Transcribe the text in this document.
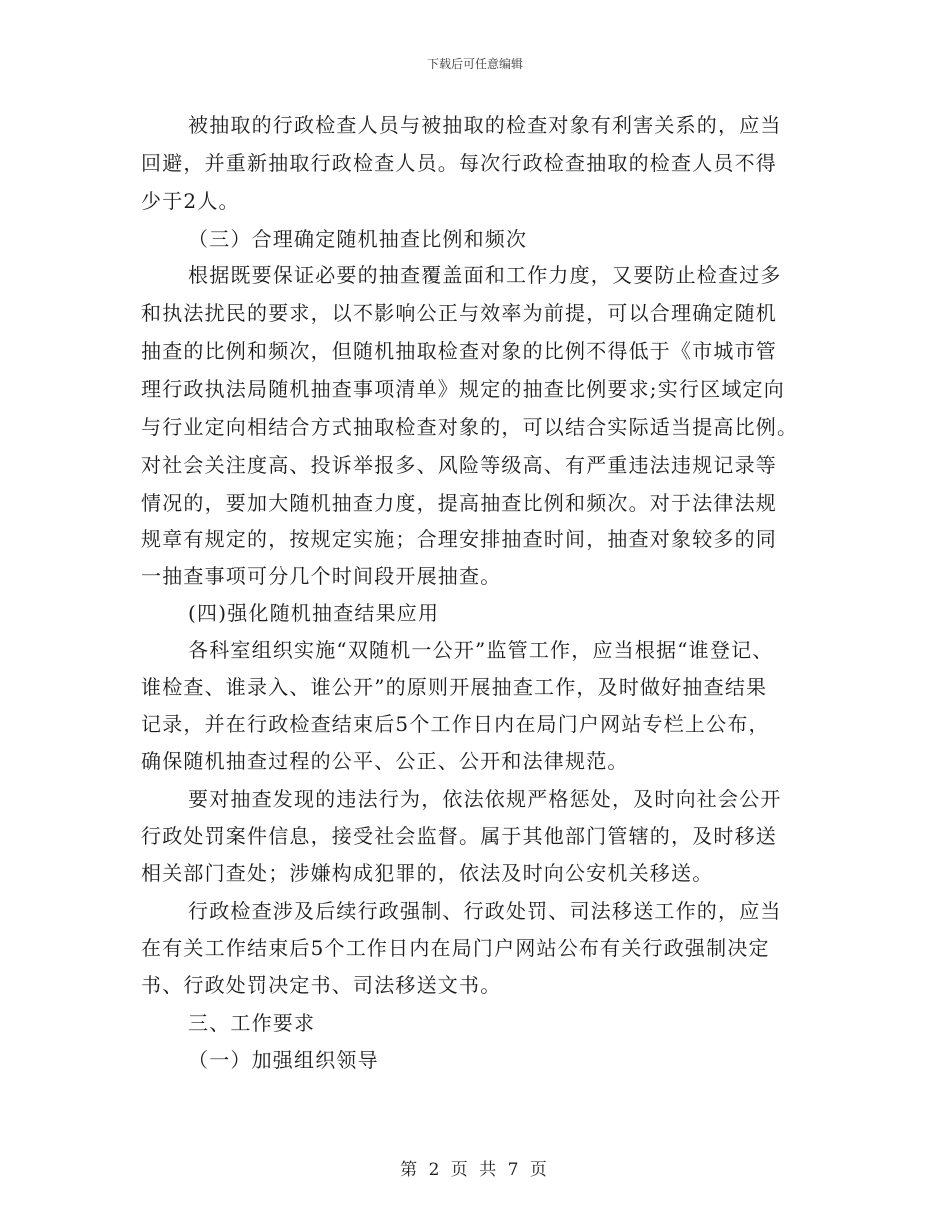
下载后可任意编辑
被抽取的行政检查人员与被抽取的检查对象有利害关系的，应当
回避，并重新抽取行政检查人员。每次行政检查抽取的检查人员不得
少于2人。
（三）合理确定随机抽查比例和频次
根据既要保证必要的抽查覆盖面和工作力度，又要防止检查过多
和执法扰民的要求，以不影响公正与效率为前提，可以合理确定随机
抽查的比例和频次，但随机抽取检查对象的比例不得低于《市城市管
理行政执法局随机抽查事项清单》规定的抽查比例要求;实行区域定向
与行业定向相结合方式抽取检查对象的，可以结合实际适当提高比例。
对社会关注度高、投诉举报多、风险等级高、有严重违法违规记录等
情况的，要加大随机抽查力度，提高抽查比例和频次。对于法律法规
规章有规定的，按规定实施；合理安排抽查时间，抽查对象较多的同
一抽查事项可分几个时间段开展抽查。
(四)强化随机抽查结果应用
各科室组织实施“双随机一公开”监管工作，应当根据“谁登记、
谁检查、谁录入、谁公开”的原则开展抽查工作，及时做好抽查结果
记录，并在行政检查结束后5个工作日内在局门户网站专栏上公布，
确保随机抽查过程的公平、公正、公开和法律规范。
要对抽查发现的违法行为，依法依规严格惩处，及时向社会公开
行政处罚案件信息，接受社会监督。属于其他部门管辖的，及时移送
相关部门查处；涉嫌构成犯罪的，依法及时向公安机关移送。
行政检查涉及后续行政强制、行政处罚、司法移送工作的，应当
在有关工作结束后5个工作日内在局门户网站公布有关行政强制决定
书、行政处罚决定书、司法移送文书。
三、工作要求
（一）加强组织领导
第 2 页 共 7 页
